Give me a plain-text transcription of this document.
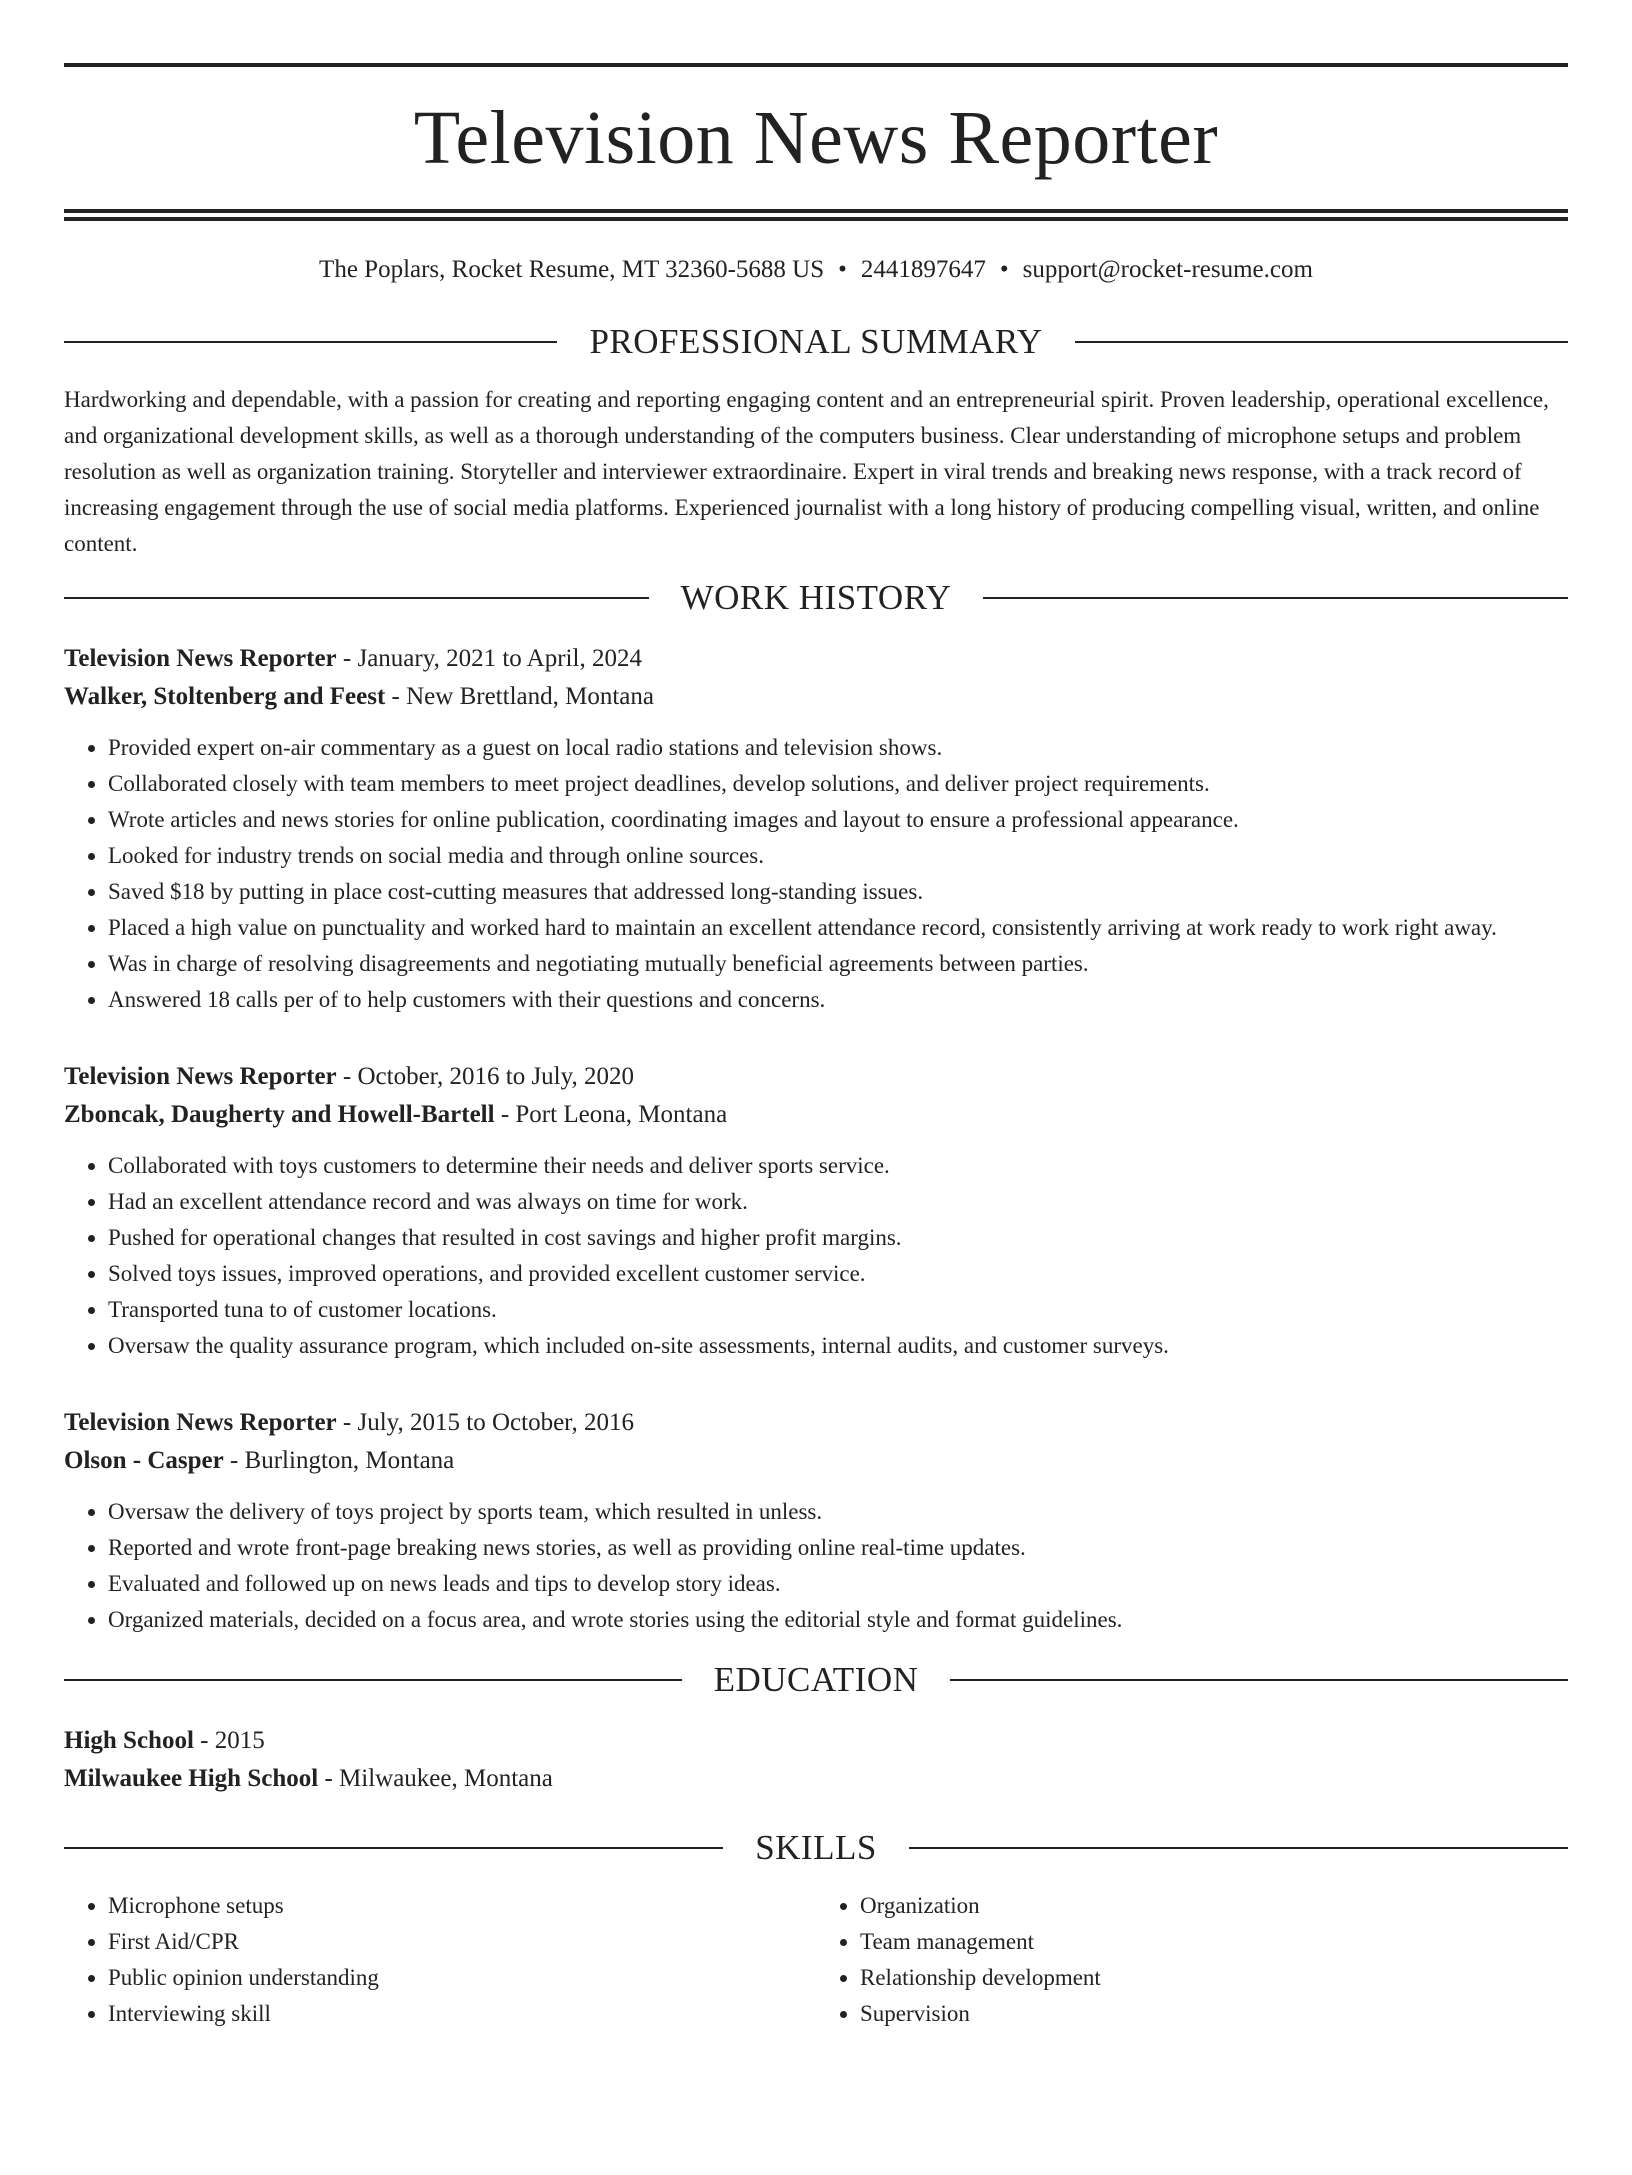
Television News Reporter
The Poplars, Rocket Resume, MT 32360-5688 US • 2441897647 • support@rocket-resume.com
PROFESSIONAL SUMMARY

Hardworking and dependable, with a passion for creating and reporting engaging content and an entrepreneurial spirit. Proven leadership, operational excellence, and organizational development skills, as well as a thorough understanding of the computers business. Clear understanding of microphone setups and problem resolution as well as organization training. Storyteller and interviewer extraordinaire. Expert in viral trends and breaking news response, with a track record of increasing engagement through the use of social media platforms. Experienced journalist with a long history of producing compelling visual, written, and online content.

WORK HISTORY

Television News Reporter - January, 2021 to April, 2024

Walker, Stoltenberg and Feest - New Brettland, Montana

• Provided expert on-air commentary as a guest on local radio stations and television shows.
• Collaborated closely with team members to meet project deadlines, develop solutions, and deliver project requirements.
• Wrote articles and news stories for online publication, coordinating images and layout to ensure a professional appearance.
• Looked for industry trends on social media and through online sources.
• Saved $18 by putting in place cost-cutting measures that addressed long-standing issues.
• Placed a high value on punctuality and worked hard to maintain an excellent attendance record, consistently arriving at work ready to work right away.
• Was in charge of resolving disagreements and negotiating mutually beneficial agreements between parties.
• Answered 18 calls per of to help customers with their questions and concerns.

Television News Reporter - October, 2016 to July, 2020

Zboncak, Daugherty and Howell-Bartell - Port Leona, Montana

• Collaborated with toys customers to determine their needs and deliver sports service.
• Had an excellent attendance record and was always on time for work.
• Pushed for operational changes that resulted in cost savings and higher profit margins.
• Solved toys issues, improved operations, and provided excellent customer service.
• Transported tuna to of customer locations.
• Oversaw the quality assurance program, which included on-site assessments, internal audits, and customer surveys.

Television News Reporter - July, 2015 to October, 2016

Olson - Casper - Burlington, Montana

• Oversaw the delivery of toys project by sports team, which resulted in unless.
• Reported and wrote front-page breaking news stories, as well as providing online real-time updates.
• Evaluated and followed up on news leads and tips to develop story ideas.
• Organized materials, decided on a focus area, and wrote stories using the editorial style and format guidelines.
EDUCATION

High School - 2015

Milwaukee High School - Milwaukee, Montana

SKILLS
• Microphone setups
• First Aid/CPR
• Public opinion understanding
• Interviewing skill
• Organization
• Team management
• Relationship development
• Supervision
